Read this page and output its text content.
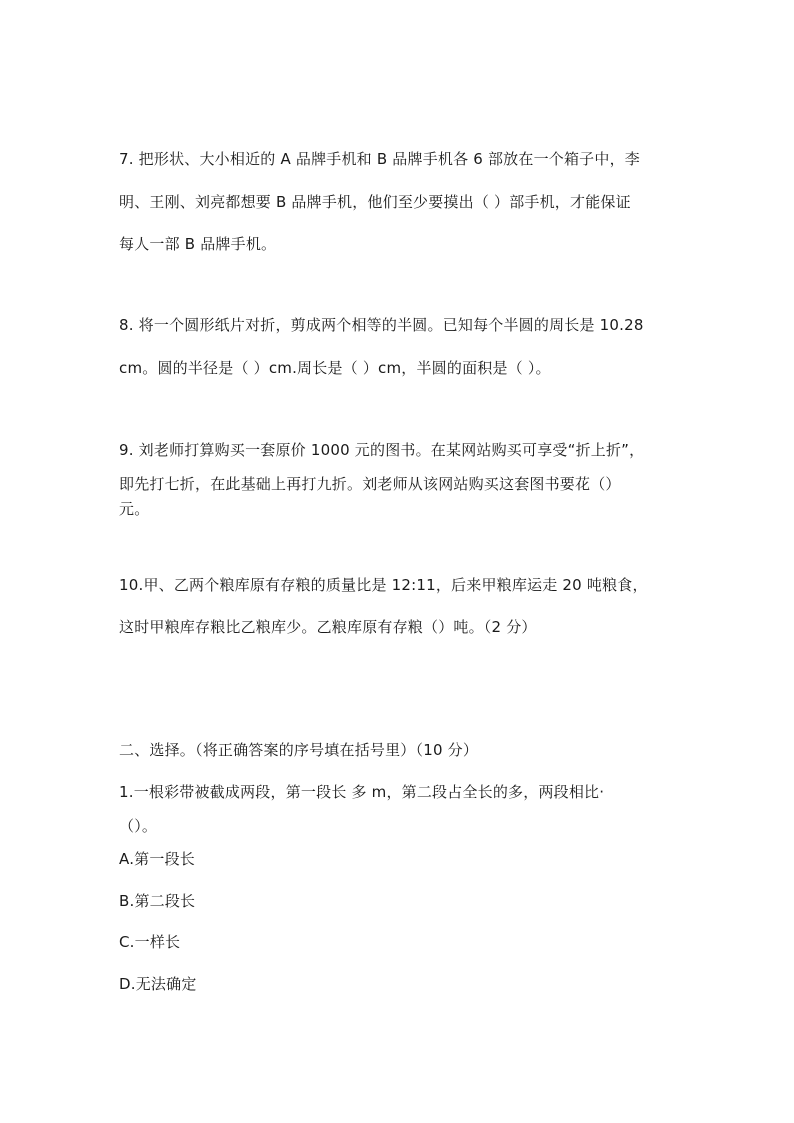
7. 把形状、大小相近的 A 品牌手机和 B 品牌手机各 6 部放在一个箱子中，李
明、王刚、刘亮都想要 B 品牌手机，他们至少要摸出（ ）部手机，才能保证
每人一部 B 品牌手机。
8. 将一个圆形纸片对折，剪成两个相等的半圆。已知每个半圆的周长是 10.28
cm。圆的半径是（ ）cm.周长是（ ）cm，半圆的面积是（ ）。
9. 刘老师打算购买一套原价 1000 元的图书。在某网站购买可享受“折上折”，
即先打七折，在此基础上再打九折。刘老师从该网站购买这套图书要花（）
元。
10.甲、乙两个粮库原有存粮的质量比是 12:11，后来甲粮库运走 20 吨粮食，
这时甲粮库存粮比乙粮库少。乙粮库原有存粮（）吨。（2 分）
二、选择。（将正确答案的序号填在括号里）（10 分）
1.一根彩带被截成两段，第一段长 多 m，第二段占全长的多，两段相比·
（）。
A.第一段长
B.第二段长
C.一样长
D.无法确定
